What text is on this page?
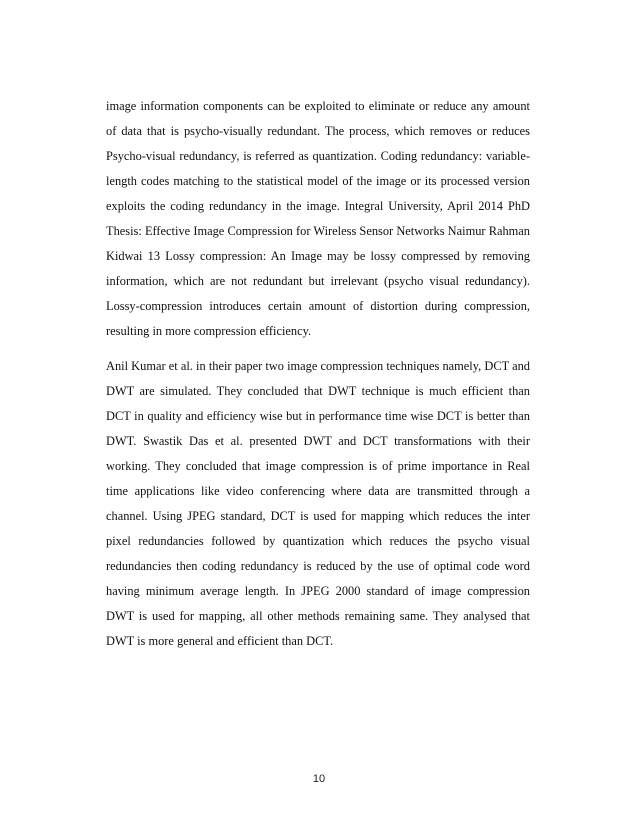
image information components can be exploited to eliminate or reduce any amount of data that is psycho-visually redundant. The process, which removes or reduces Psycho-visual redundancy, is referred as quantization. Coding redundancy: variable-length codes matching to the statistical model of the image or its processed version exploits the coding redundancy in the image. Integral University, April 2014 PhD Thesis: Effective Image Compression for Wireless Sensor Networks Naimur Rahman Kidwai 13 Lossy compression: An Image may be lossy compressed by removing information, which are not redundant but irrelevant (psycho visual redundancy). Lossy-compression introduces certain amount of distortion during compression, resulting in more compression efficiency.

Anil Kumar et al. in their paper two image compression techniques namely, DCT and DWT are simulated. They concluded that DWT technique is much efficient than DCT in quality and efficiency wise but in performance time wise DCT is better than DWT. Swastik Das et al. presented DWT and DCT transformations with their working. They concluded that image compression is of prime importance in Real time applications like video conferencing where data are transmitted through a channel. Using JPEG standard, DCT is used for mapping which reduces the inter pixel redundancies followed by quantization which reduces the psycho visual redundancies then coding redundancy is reduced by the use of optimal code word having minimum average length. In JPEG 2000 standard of image compression DWT is used for mapping, all other methods remaining same. They analysed that DWT is more general and efficient than DCT.

10
